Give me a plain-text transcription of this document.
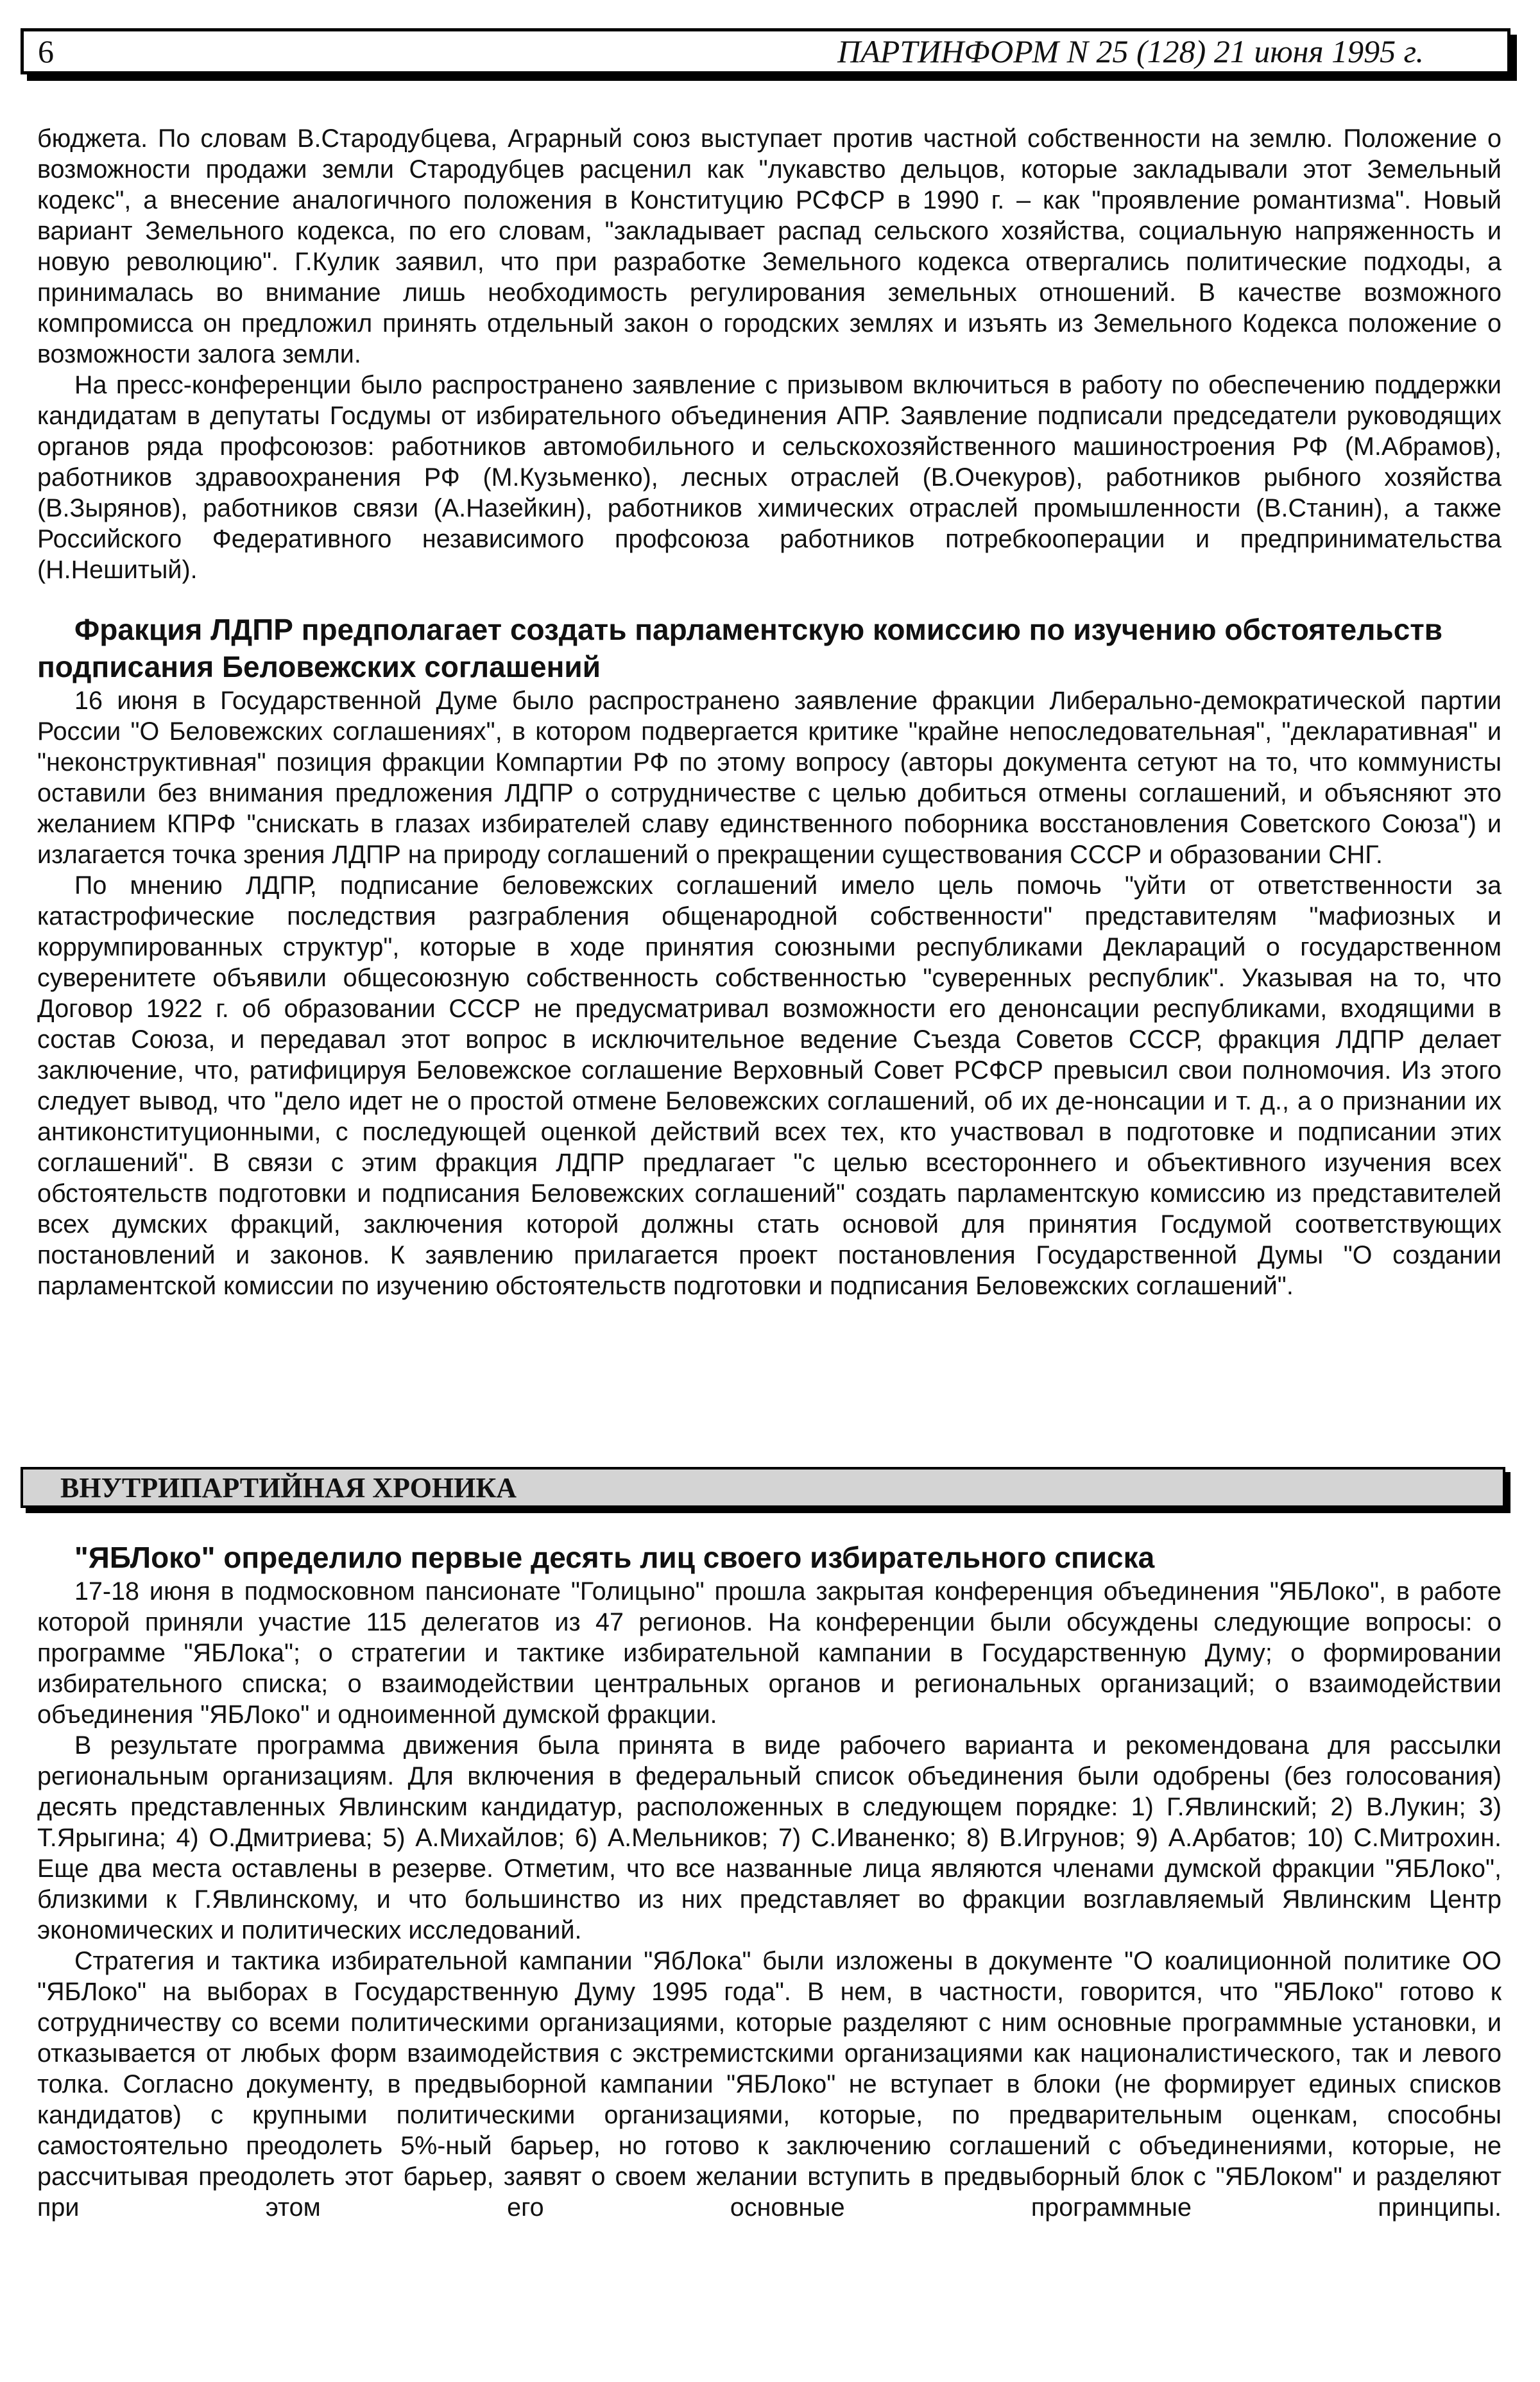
6	ПАРТИНФОРМ N 25 (128) 21 июня 1995 г.

бюджета. По словам В.Стародубцева, Аграрный союз выступает против частной собственности на землю. Положение о возможности продажи земли Стародубцев расценил как "лукавство дельцов, которые закладывали этот Земельный кодекс", а внесение аналогичного положения в Конституцию РСФСР в 1990 г. – как "проявление романтизма". Новый вариант Земельного кодекса, по его словам, "закладывает распад сельского хозяйства, социальную напряженность и новую революцию". Г.Кулик заявил, что при разработке Земельного кодекса отвергались политические подходы, а принималась во внимание лишь необходимость регулирования земельных отношений. В качестве возможного компромисса он предложил принять отдельный закон о городских землях и изъять из Земельного Кодекса положение о возможности залога земли.

На пресс-конференции было распространено заявление с призывом включиться в работу по обеспечению поддержки кандидатам в депутаты Госдумы от избирательного объединения АПР. Заявление подписали председатели руководящих органов ряда профсоюзов: работников автомобильного и сельскохозяйственного машиностроения РФ (М.Абрамов), работников здравоохранения РФ (М.Кузьменко), лесных отраслей (В.Очекуров), работников рыбного хозяйства (В.Зырянов), работников связи (А.Назейкин), работников химических отраслей промышленности (В.Станин), а также Российского Федеративного независимого профсоюза работников потребкооперации и предпринимательства (Н.Нешитый).

Фракция ЛДПР предполагает создать парламентскую комиссию по изучению обстоятельств подписания Беловежских соглашений

16 июня в Государственной Думе было распространено заявление фракции Либерально-демократической партии России "О Беловежских соглашениях", в котором подвергается критике "крайне непоследовательная", "декларативная" и "неконструктивная" позиция фракции Компартии РФ по этому вопросу (авторы документа сетуют на то, что коммунисты оставили без внимания предложения ЛДПР о сотрудничестве с целью добиться отмены соглашений, и объясняют это желанием КПРФ "снискать в глазах избирателей славу единственного поборника восстановления Советского Союза") и излагается точка зрения ЛДПР на природу соглашений о прекращении существования СССР и образовании СНГ.

По мнению ЛДПР, подписание беловежских соглашений имело цель помочь "уйти от ответственности за катастрофические последствия разграбления общенародной собственности" представителям "мафиозных и коррумпированных структур", которые в ходе принятия союзными республиками Деклараций о государственном суверенитете объявили общесоюзную собственность собственностью "суверенных республик". Указывая на то, что Договор 1922 г. об образовании СССР не предусматривал возможности его денонсации республиками, входящими в состав Союза, и передавал этот вопрос в исключительное ведение Съезда Советов СССР, фракция ЛДПР делает заключение, что, ратифицируя Беловежское соглашение Верховный Совет РСФСР превысил свои полномочия. Из этого следует вывод, что "дело идет не о простой отмене Беловежских соглашений, об их де-нонсации и т. д., а о признании их антиконституционными, с последующей оценкой действий всех тех, кто участвовал в подготовке и подписании этих соглашений". В связи с этим фракция ЛДПР предлагает "с целью всестороннего и объективного изучения всех обстоятельств подготовки и подписания Беловежских соглашений" создать парламентскую комиссию из представителей всех думских фракций, заключения которой должны стать основой для принятия Госдумой соответствующих постановлений и законов. К заявлению прилагается проект постановления Государственной Думы "О создании парламентской комиссии по изучению обстоятельств подготовки и подписания Беловежских соглашений".

ВНУТРИПАРТИЙНАЯ ХРОНИКА
"ЯБЛоко" определило первые десять лиц своего избирательного списка

17-18 июня в подмосковном пансионате "Голицыно" прошла закрытая конференция объединения "ЯБЛоко", в работе которой приняли участие 115 делегатов из 47 регионов. На конференции были обсуждены следующие вопросы: о программе "ЯБЛока"; о стратегии и тактике избирательной кампании в Государственную Думу; о формировании избирательного списка; о взаимодействии центральных органов и региональных организаций; о взаимодействии объединения "ЯБЛоко" и одноименной думской фракции.

В результате программа движения была принята в виде рабочего варианта и рекомендована для рассылки региональным организациям. Для включения в федеральный список объединения были одобрены (без голосования) десять представленных Явлинским кандидатур, расположенных в следующем порядке: 1) Г.Явлинский; 2) В.Лукин; 3) Т.Ярыгина; 4) О.Дмитриева; 5) А.Михайлов; 6) А.Мельников; 7) С.Иваненко; 8) В.Игрунов; 9) А.Арбатов; 10) С.Митрохин. Еще два места оставлены в резерве. Отметим, что все названные лица являются членами думской фракции "ЯБЛоко", близкими к Г.Явлинскому, и что большинство из них представляет во фракции возглавляемый Явлинским Центр экономических и политических исследований.

Стратегия и тактика избирательной кампании "ЯбЛока" были изложены в документе "О коалиционной политике ОО "ЯБЛоко" на выборах в Государственную Думу 1995 года". В нем, в частности, говорится, что "ЯБЛоко" готово к сотрудничеству со всеми политическими организациями, которые разделяют с ним основные программные установки, и отказывается от любых форм взаимодействия с экстремистскими организациями как националистического, так и левого толка. Согласно документу, в предвыборной кампании "ЯБЛоко" не вступает в блоки (не формирует единых списков кандидатов) с крупными политическими организациями, которые, по предварительным оценкам, способны самостоятельно преодолеть 5%-ный барьер, но готово к заключению соглашений с объединениями, которые, не рассчитывая преодолеть этот барьер, заявят о своем желании вступить в предвыборный блок с "ЯБЛоком" и разделяют при этом его основные программные принципы.
